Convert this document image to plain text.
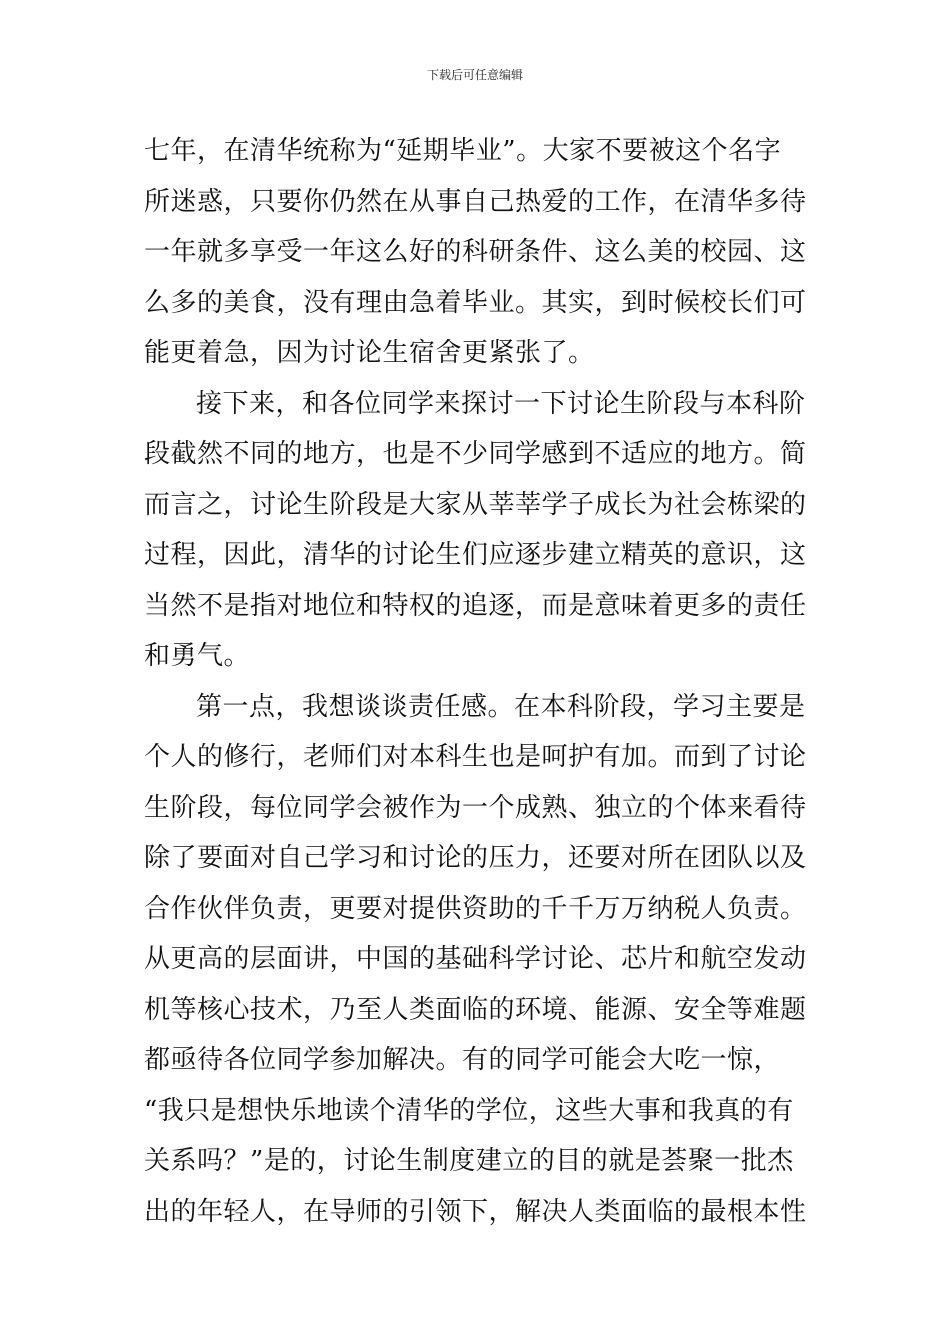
下载后可任意编辑
七年，在清华统称为“延期毕业”。大家不要被这个名字
所迷惑，只要你仍然在从事自己热爱的工作，在清华多待
一年就多享受一年这么好的科研条件、这么美的校园、这
么多的美食，没有理由急着毕业。其实，到时候校长们可
能更着急，因为讨论生宿舍更紧张了。
接下来，和各位同学来探讨一下讨论生阶段与本科阶
段截然不同的地方，也是不少同学感到不适应的地方。简
而言之，讨论生阶段是大家从莘莘学子成长为社会栋梁的
过程，因此，清华的讨论生们应逐步建立精英的意识，这
当然不是指对地位和特权的追逐，而是意味着更多的责任
和勇气。
第一点，我想谈谈责任感。在本科阶段，学习主要是
个人的修行，老师们对本科生也是呵护有加。而到了讨论
生阶段，每位同学会被作为一个成熟、独立的个体来看待
除了要面对自己学习和讨论的压力，还要对所在团队以及
合作伙伴负责，更要对提供资助的千千万万纳税人负责。
从更高的层面讲，中国的基础科学讨论、芯片和航空发动
机等核心技术，乃至人类面临的环境、能源、安全等难题
都亟待各位同学参加解决。有的同学可能会大吃一惊，
“我只是想快乐地读个清华的学位，这些大事和我真的有
关系吗？”是的，讨论生制度建立的目的就是荟聚一批杰
出的年轻人，在导师的引领下，解决人类面临的最根本性
